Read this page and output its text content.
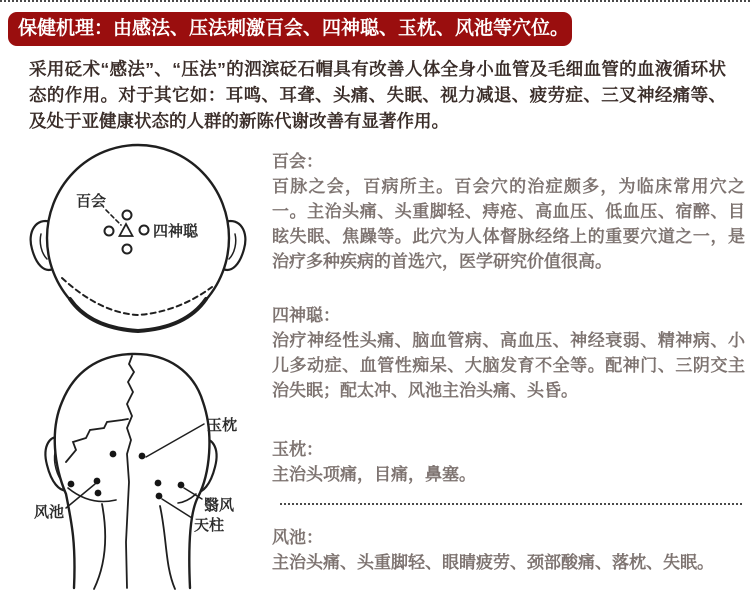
保健机理：由感法、压法刺激百会、四神聪、玉枕、风池等穴位。
采用砭术“感法”、“压法”的泗滨砭石帽具有改善人体全身小血管及毛细血管的血液循环状态的作用。对于其它如：耳鸣、耳聋、头痛、失眠、视力减退、疲劳症、三叉神经痛等、及处于亚健康状态的人群的新陈代谢改善有显著作用。
百会
四神聪
玉枕
翳风
天柱
风池
百会：
百脉之会，百病所主。百会穴的治症颇多，为临床常用穴之一。主治头痛、头重脚轻、痔疮、高血压、低血压、宿醉、目眩失眠、焦躁等。此穴为人体督脉经络上的重要穴道之一，是治疗多种疾病的首选穴，医学研究价值很高。
四神聪：
治疗神经性头痛、脑血管病、高血压、神经衰弱、精神病、小儿多动症、血管性痴呆、大脑发育不全等。配神门、三阴交主治失眠；配太冲、风池主治头痛、头昏。
玉枕：
主治头项痛，目痛，鼻塞。
风池：
主治头痛、头重脚轻、眼睛疲劳、颈部酸痛、落枕、失眠。
